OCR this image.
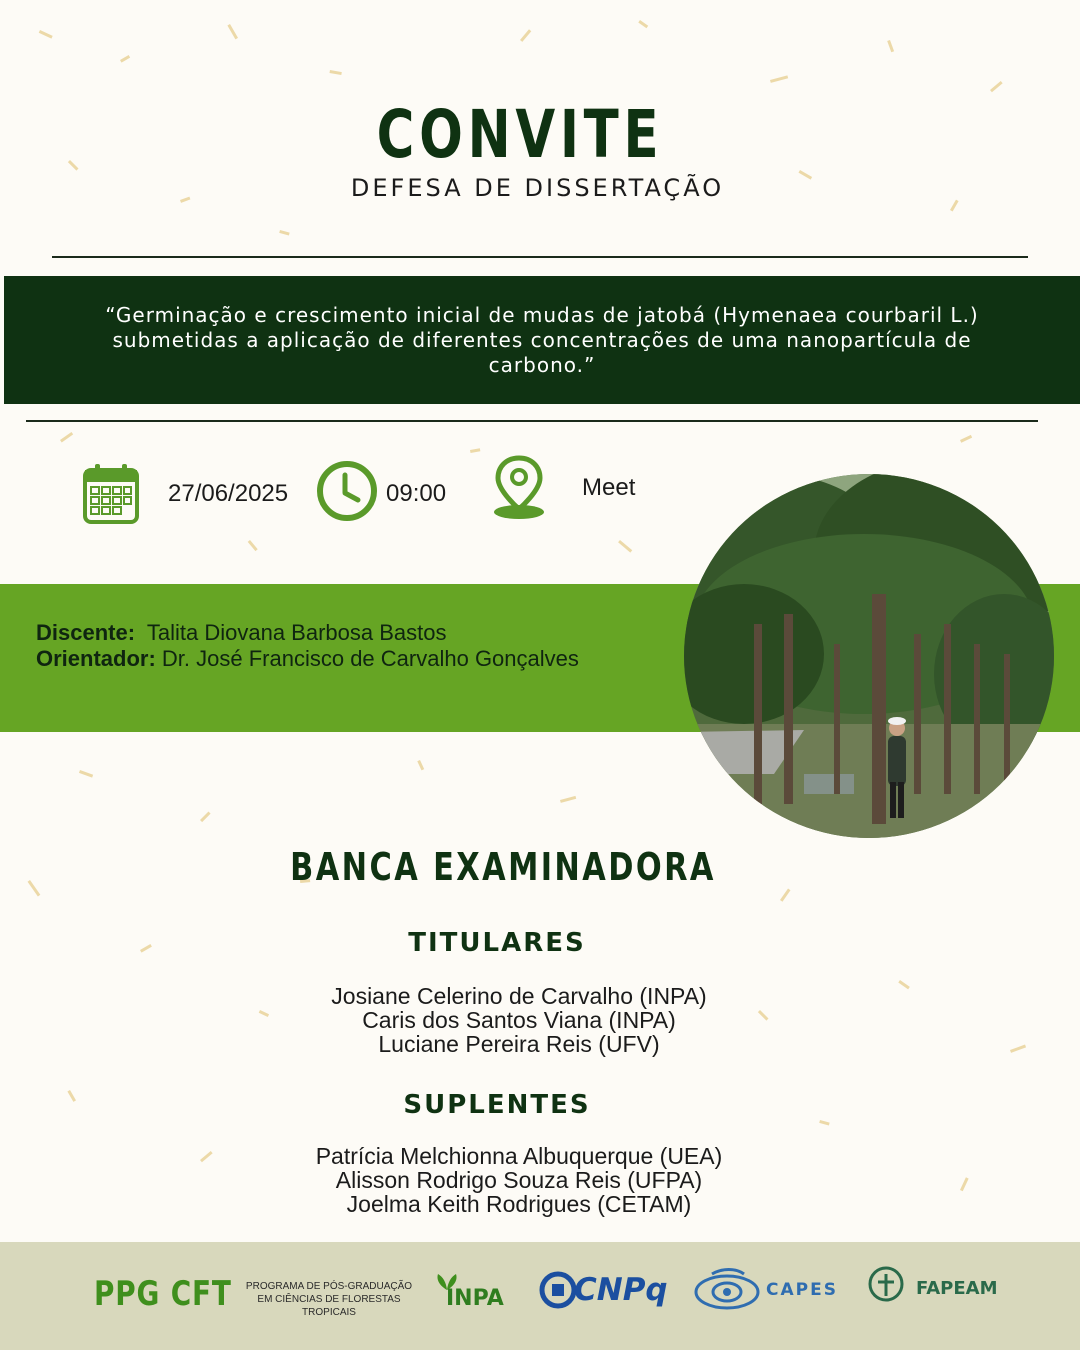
CONVITE
DEFESA DE DISSERTAÇÃO

“Germinação e crescimento inicial de mudas de jatobá (Hymenaea courbaril L.) submetidas a aplicação de diferentes concentrações de uma nanopartícula de carbono.”

27/06/2025	09:00	Meet
Discente: Talita Diovana Barbosa Bastos
Orientador: Dr. José Francisco de Carvalho Gonçalves
BANCA EXAMINADORA
TITULARES
Josiane Celerino de Carvalho (INPA)
Caris dos Santos Viana (INPA)
Luciane Pereira Reis (UFV)
SUPLENTES
Patrícia Melchionna Albuquerque (UEA)
Alisson Rodrigo Souza Reis (UFPA)
Joelma Keith Rodrigues (CETAM)
PPG CFT PROGRAMA DE PÓS-GRADUAÇÃO EM CIÊNCIAS DE FLORESTAS TROPICAIS
INPA CNPq	CAPES	FAPEAM
